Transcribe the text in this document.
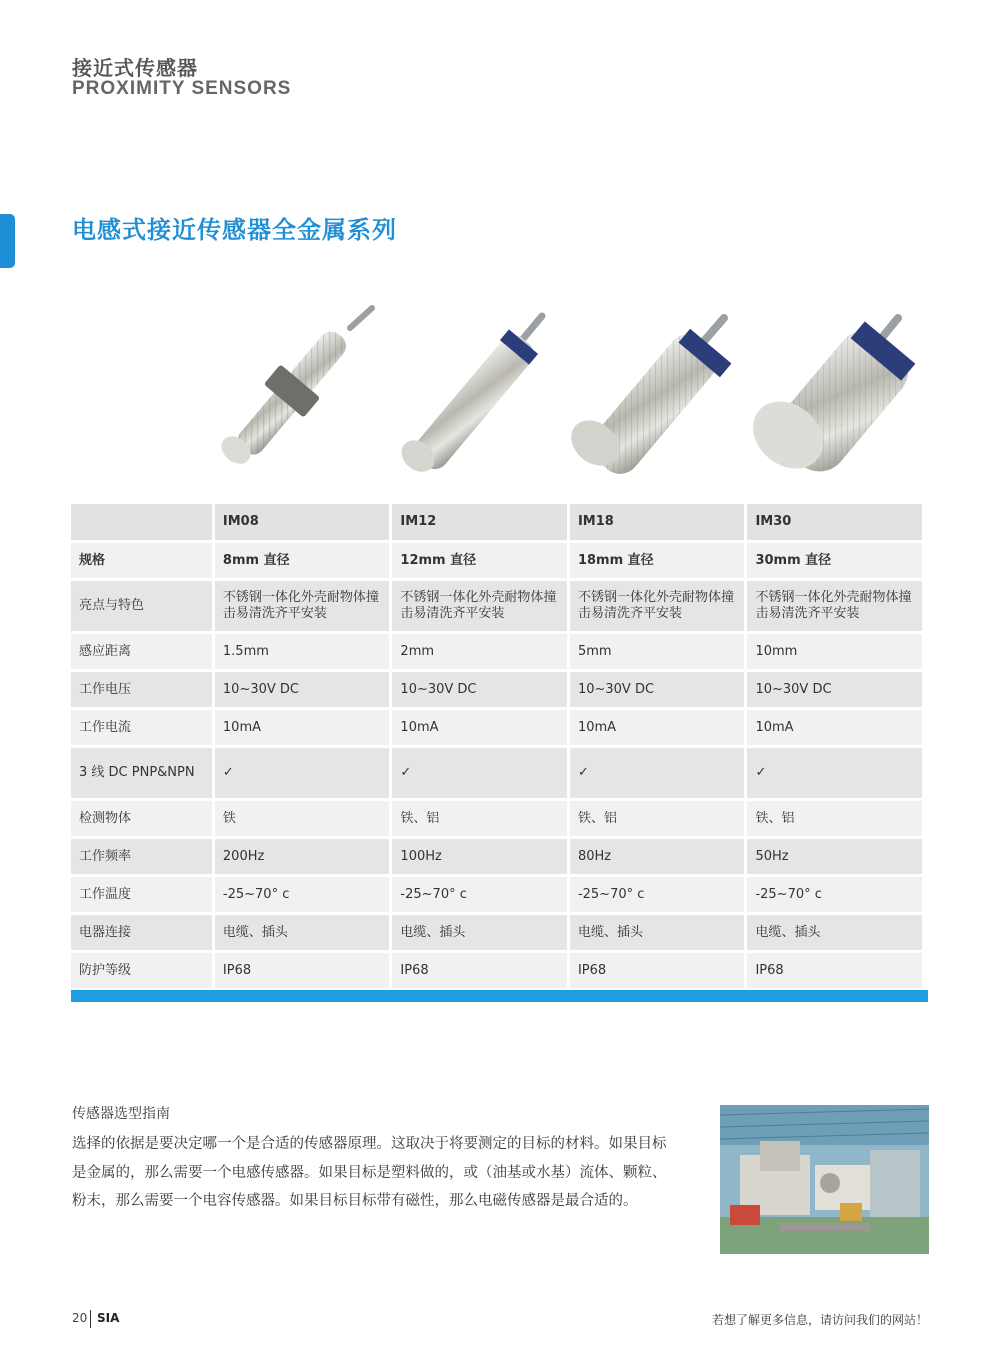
接近式传感器
PROXIMITY SENSORS
电感式接近传感器全金属系列
	IM08	IM12	IM18	IM30
规格	8mm 直径	12mm 直径	18mm 直径	30mm 直径
亮点与特色	不锈钢一体化外壳耐物体撞击易清洗齐平安装	不锈钢一体化外壳耐物体撞击易清洗齐平安装	不锈钢一体化外壳耐物体撞击易清洗齐平安装	不锈钢一体化外壳耐物体撞击易清洗齐平安装
感应距离	1.5mm	2mm	5mm	10mm
工作电压	10~30V DC	10~30V DC	10~30V DC	10~30V DC
工作电流	10mA	10mA	10mA	10mA
3 线 DC PNP&NPN	✓	✓	✓	✓
检测物体	铁	铁、铝	铁、铝	铁、铝
工作频率	200Hz	100Hz	80Hz	50Hz
工作温度	-25~70° c	-25~70° c	-25~70° c	-25~70° c
电器连接	电缆、插头	电缆、插头	电缆、插头	电缆、插头
防护等级	IP68	IP68	IP68	IP68
传感器选型指南
选择的依据是要决定哪一个是合适的传感器原理。这取决于将要测定的目标的材料。如果目标是金属的，那么需要一个电感传感器。如果目标是塑料做的，或（油基或水基）流体、颗粒、粉末，那么需要一个电容传感器。如果目标目标带有磁性，那么电磁传感器是最合适的。
20 SIA	若想了解更多信息，请访问我们的网站！
